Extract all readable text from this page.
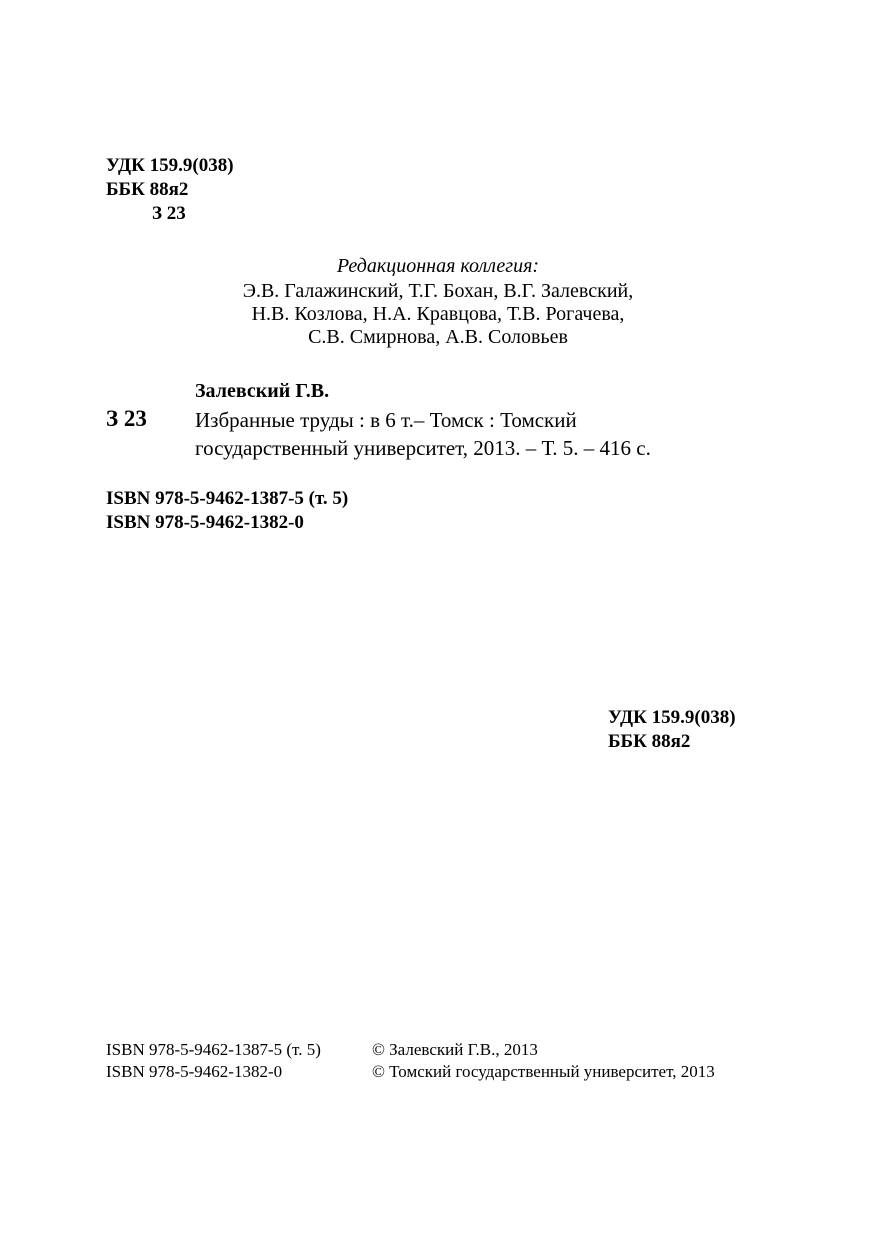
УДК 159.9(038)
ББК 88я2
З 23
Редакционная коллегия:
Э.В. Галажинский, Т.Г. Бохан, В.Г. Залевский,
Н.В. Козлова, Н.А. Кравцова, Т.В. Рогачева,
С.В. Смирнова, А.В. Соловьев
Залевский Г.В.
З 23 Избранные труды : в 6 т.– Томск : Томский
государственный университет, 2013. – Т. 5. – 416 с.
ISBN 978-5-9462-1387-5 (т. 5)
ISBN 978-5-9462-1382-0
УДК 159.9(038)
ББК 88я2
ISBN 978-5-9462-1387-5 (т. 5)
ISBN 978-5-9462-1382-0
© Залевский Г.В., 2013
© Томский государственный университет, 2013
